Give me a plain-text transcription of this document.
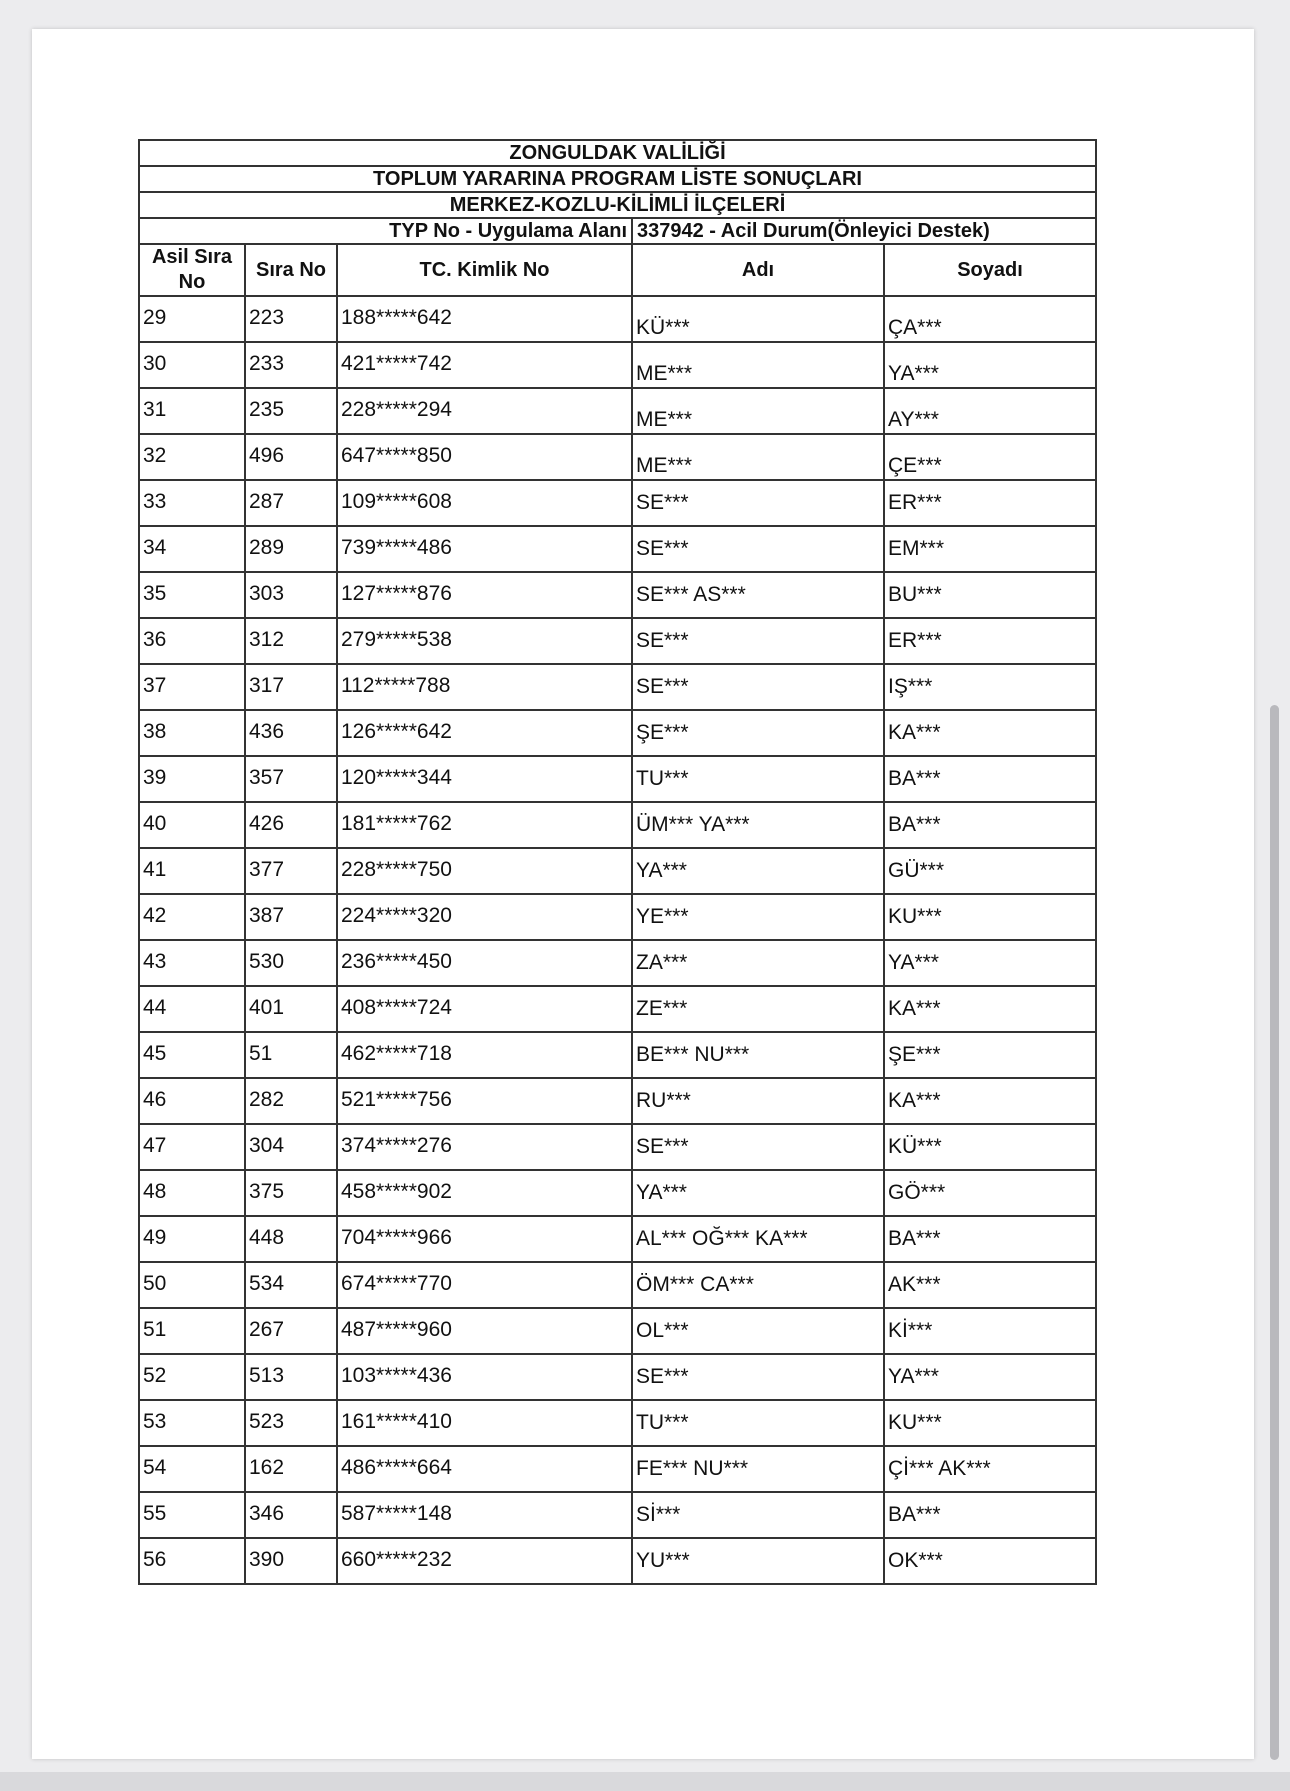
ZONGULDAK VALİLİĞİ				
TOPLUM YARARINA PROGRAM LİSTE SONUÇLARI				
MERKEZ-KOZLU-KİLİMLİ İLÇELERİ				
TYP No - Uygulama Alanı			337942 - Acil Durum(Önleyici Destek)	
Asil Sıra No	Sıra No	TC. Kimlik No	Adı	Soyadı

29	223	188*****642	KÜ***	ÇA***

30	233	421*****742	ME***	YA***

31	235	228*****294	ME***	AY***

32	496	647*****850	ME***	ÇE***

33	287	109*****608	SE***	ER***

34	289	739*****486	SE***	EM***

35	303	127*****876	SE*** AS***	BU***

36	312	279*****538	SE***	ER***

37	317	112*****788	SE***	IŞ***

38	436	126*****642	ŞE***	KA***

39	357	120*****344	TU***	BA***

40	426	181*****762	ÜM*** YA***	BA***

41	377	228*****750	YA***	GÜ***

42	387	224*****320	YE***	KU***

43	530	236*****450	ZA***	YA***

44	401	408*****724	ZE***	KA***

45	51	462*****718	BE*** NU***	ŞE***

46	282	521*****756	RU***	KA***

47	304	374*****276	SE***	KÜ***

48	375	458*****902	YA***	GÖ***

49	448	704*****966	AL*** OĞ*** KA***	BA***

50	534	674*****770	ÖM*** CA***	AK***

51	267	487*****960	OL***	Kİ***

52	513	103*****436	SE***	YA***

53	523	161*****410	TU***	KU***

54	162	486*****664	FE*** NU***	Çİ*** AK***

55	346	587*****148	Sİ***	BA***

56	390	660*****232	YU***	OK***
